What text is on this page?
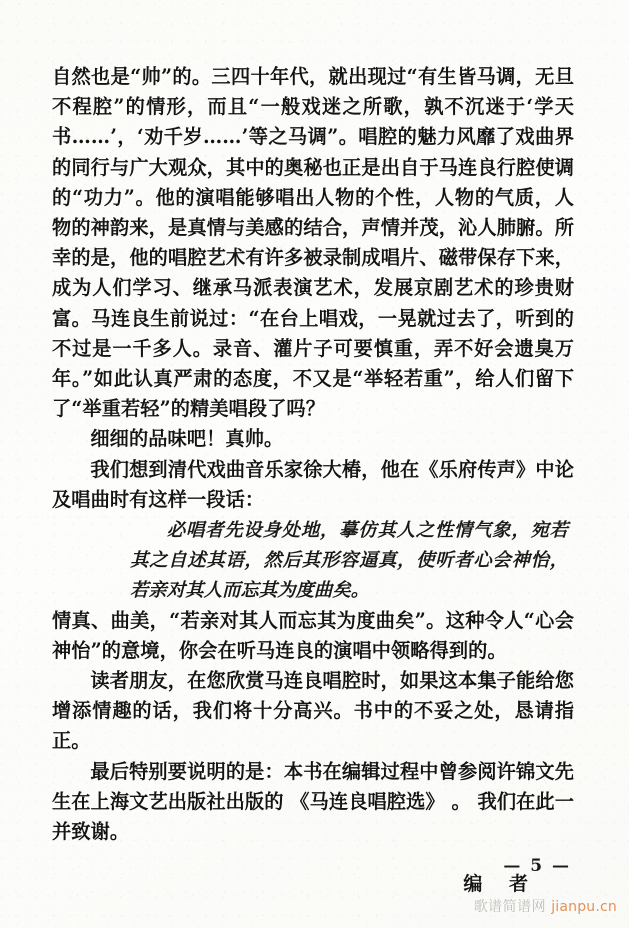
自然也是“帅”的。三四十年代，就出现过“有生皆马调，无旦不程腔”的情形，而且“一般戏迷之所歌，孰不沉迷于‘学天书……’，‘劝千岁……’等之马调”。唱腔的魅力风靡了戏曲界的同行与广大观众，其中的奥秘也正是出自于马连良行腔使调的“功力”。他的演唱能够唱出人物的个性，人物的气质，人物的神韵来，是真情与美感的结合，声情并茂，沁人肺腑。所幸的是，他的唱腔艺术有许多被录制成唱片、磁带保存下来，成为人们学习、继承马派表演艺术，发展京剧艺术的珍贵财富。马连良生前说过：“在台上唱戏，一晃就过去了，听到的不过是一千多人。录音、灌片子可要慎重，弄不好会遗臭万年。”如此认真严肃的态度，不又是“举轻若重”，给人们留下了“举重若轻”的精美唱段了吗？

细细的品味吧！真帅。

我们想到清代戏曲音乐家徐大椿，他在《乐府传声》中论及唱曲时有这样一段话：

必唱者先设身处地，摹仿其人之性情气象，宛若其之自述其语，然后其形容逼真，使听者心会神怡，若亲对其人而忘其为度曲矣。

情真、曲美，“若亲对其人而忘其为度曲矣”。这种令人“心会神怡”的意境，你会在听马连良的演唱中领略得到的。

读者朋友，在您欣赏马连良唱腔时，如果这本集子能给您增添情趣的话，我们将十分高兴。书中的不妥之处，恳请指正。

最后特别要说明的是：本书在编辑过程中曾参阅许锦文先生在上海文艺出版社出版的 《马连良唱腔选》 。 我们在此一并致谢。

编 者

— 5 —
歌谱简谱网 jianpu.cn
